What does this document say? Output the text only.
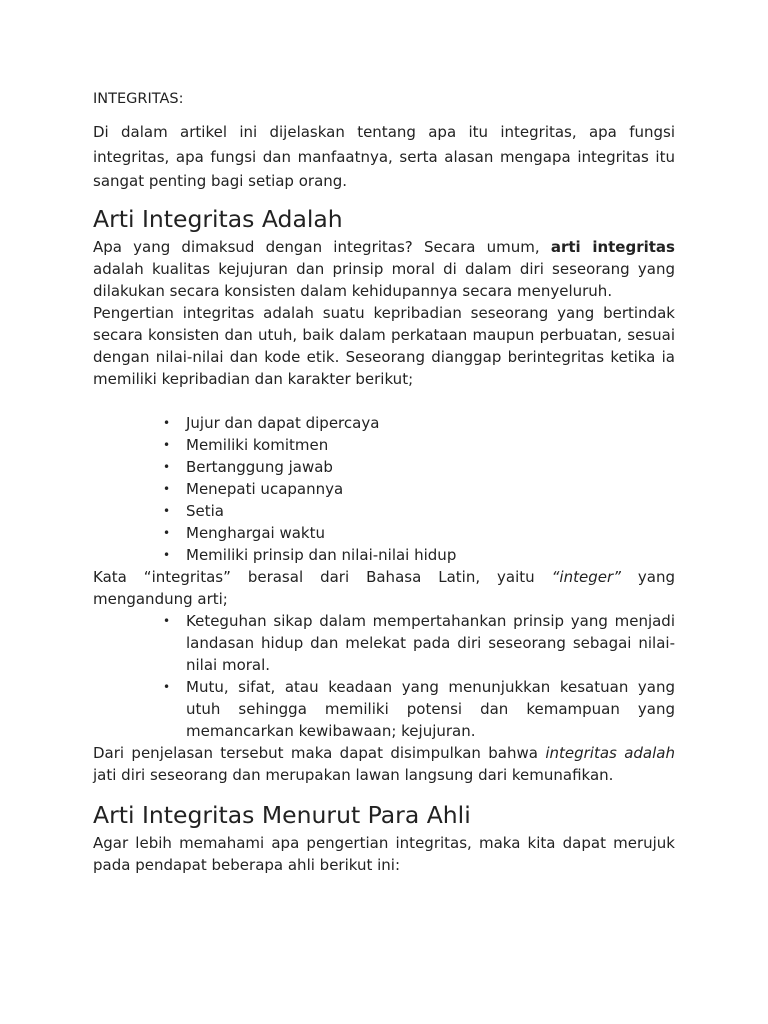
INTEGRITAS:

Di dalam artikel ini dijelaskan tentang apa itu integritas, apa fungsi integritas, apa fungsi dan manfaatnya, serta alasan mengapa integritas itu sangat penting bagi setiap orang.

Arti Integritas Adalah

Apa yang dimaksud dengan integritas? Secara umum, arti integritas adalah kualitas kejujuran dan prinsip moral di dalam diri seseorang yang dilakukan secara konsisten dalam kehidupannya secara menyeluruh.

Pengertian integritas adalah suatu kepribadian seseorang yang bertindak secara konsisten dan utuh, baik dalam perkataan maupun perbuatan, sesuai dengan nilai-nilai dan kode etik. Seseorang dianggap berintegritas ketika ia memiliki kepribadian dan karakter berikut;

• Jujur dan dapat dipercaya
• Memiliki komitmen
• Bertanggung jawab
• Menepati ucapannya
• Setia
• Menghargai waktu
• Memiliki prinsip dan nilai-nilai hidup

Kata “integritas” berasal dari Bahasa Latin, yaitu “integer” yang mengandung arti;

• Keteguhan sikap dalam mempertahankan prinsip yang menjadi landasan hidup dan melekat pada diri seseorang sebagai nilai-nilai moral.
• Mutu, sifat, atau keadaan yang menunjukkan kesatuan yang utuh sehingga memiliki potensi dan kemampuan yang memancarkan kewibawaan; kejujuran.

Dari penjelasan tersebut maka dapat disimpulkan bahwa integritas adalah jati diri seseorang dan merupakan lawan langsung dari kemunafikan.

Arti Integritas Menurut Para Ahli

Agar lebih memahami apa pengertian integritas, maka kita dapat merujuk pada pendapat beberapa ahli berikut ini:
